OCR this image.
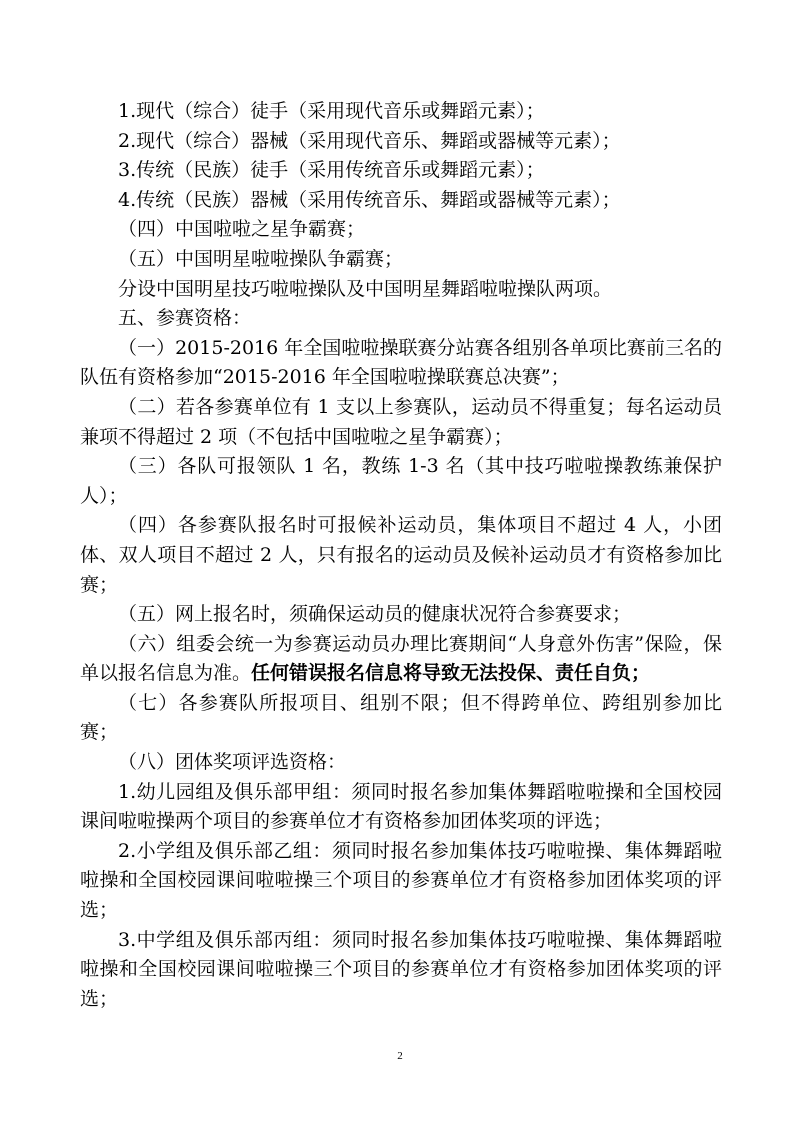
1.现代（综合）徒手（采用现代音乐或舞蹈元素）；

2.现代（综合）器械（采用现代音乐、舞蹈或器械等元素）；

3.传统（民族）徒手（采用传统音乐或舞蹈元素）；

4.传统（民族）器械（采用传统音乐、舞蹈或器械等元素）；

（四）中国啦啦之星争霸赛；

（五）中国明星啦啦操队争霸赛；

分设中国明星技巧啦啦操队及中国明星舞蹈啦啦操队两项。

五、参赛资格：

（一）2015-2016 年全国啦啦操联赛分站赛各组别各单项比赛前三名的队伍有资格参加“2015-2016 年全国啦啦操联赛总决赛”；

（二）若各参赛单位有 1 支以上参赛队，运动员不得重复；每名运动员兼项不得超过 2 项（不包括中国啦啦之星争霸赛）；

（三）各队可报领队 1 名，教练 1-3 名（其中技巧啦啦操教练兼保护人）；

（四）各参赛队报名时可报候补运动员，集体项目不超过 4 人，小团体、双人项目不超过 2 人，只有报名的运动员及候补运动员才有资格参加比赛；

（五）网上报名时，须确保运动员的健康状况符合参赛要求；

（六）组委会统一为参赛运动员办理比赛期间“人身意外伤害”保险，保单以报名信息为准。任何错误报名信息将导致无法投保、责任自负；

（七）各参赛队所报项目、组别不限；但不得跨单位、跨组别参加比赛；

（八）团体奖项评选资格：

1.幼儿园组及俱乐部甲组：须同时报名参加集体舞蹈啦啦操和全国校园课间啦啦操两个项目的参赛单位才有资格参加团体奖项的评选；

2.小学组及俱乐部乙组：须同时报名参加集体技巧啦啦操、集体舞蹈啦啦操和全国校园课间啦啦操三个项目的参赛单位才有资格参加团体奖项的评选；

3.中学组及俱乐部丙组：须同时报名参加集体技巧啦啦操、集体舞蹈啦啦操和全国校园课间啦啦操三个项目的参赛单位才有资格参加团体奖项的评选；

2
